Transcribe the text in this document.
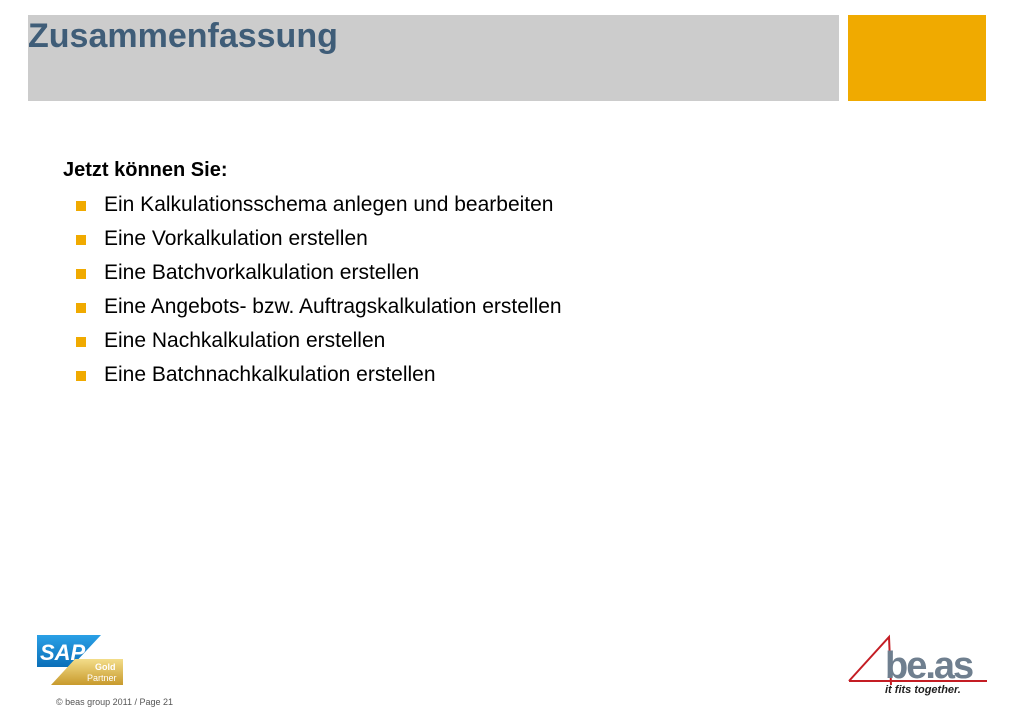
Zusammenfassung
Jetzt können Sie:
Ein Kalkulationsschema anlegen und bearbeiten
Eine Vorkalkulation erstellen
Eine Batchvorkalkulation erstellen
Eine Angebots- bzw. Auftragskalkulation erstellen
Eine Nachkalkulation erstellen
Eine Batchnachkalkulation erstellen
SAP
Gold
Partner
© beas group 2011 / Page 21
be.as
it fits together.
